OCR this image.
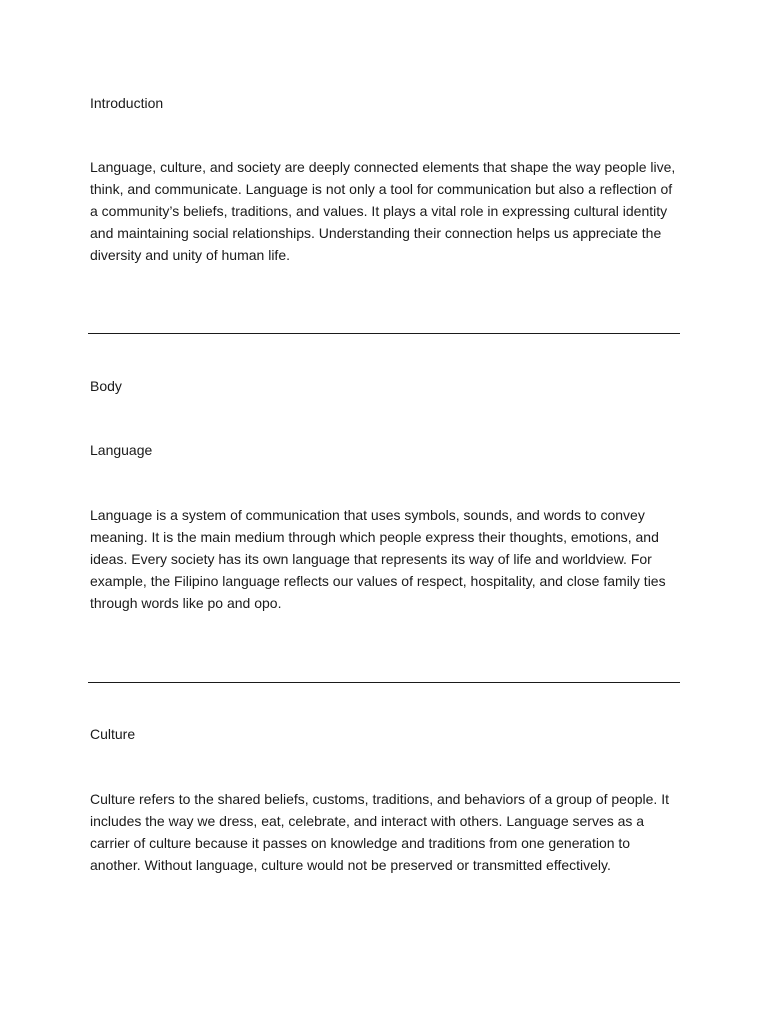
Introduction

Language, culture, and society are deeply connected elements that shape the way people live, think, and communicate. Language is not only a tool for communication but also a reflection of a community’s beliefs, traditions, and values. It plays a vital role in expressing cultural identity and maintaining social relationships. Understanding their connection helps us appreciate the diversity and unity of human life.

Body
Language

Language is a system of communication that uses symbols, sounds, and words to convey meaning. It is the main medium through which people express their thoughts, emotions, and ideas. Every society has its own language that represents its way of life and worldview. For example, the Filipino language reflects our values of respect, hospitality, and close family ties through words like po and opo.

Culture

Culture refers to the shared beliefs, customs, traditions, and behaviors of a group of people. It includes the way we dress, eat, celebrate, and interact with others. Language serves as a carrier of culture because it passes on knowledge and traditions from one generation to another. Without language, culture would not be preserved or transmitted effectively.
